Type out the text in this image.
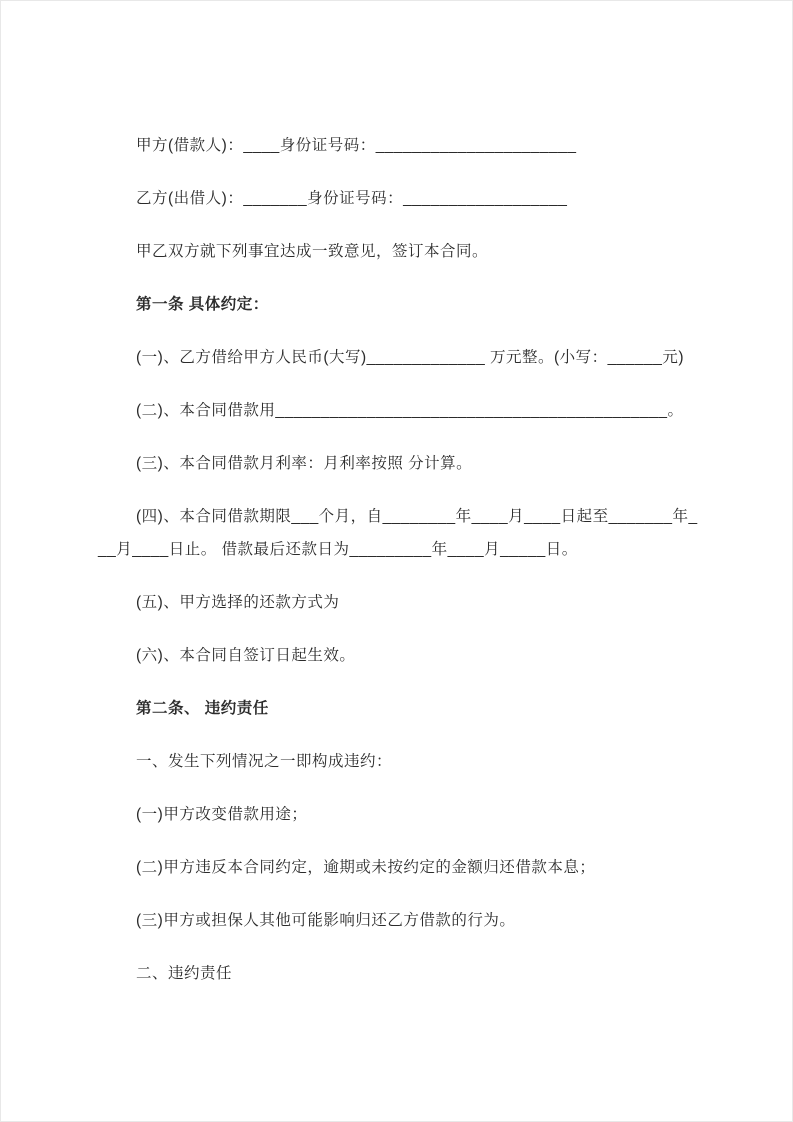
甲方(借款人)：____身份证号码：______________________

乙方(出借人)：_______身份证号码：__________________

甲乙双方就下列事宜达成一致意见，签订本合同。

第一条 具体约定：

(一)、乙方借给甲方人民币(大写)_____________ 万元整。(小写：______元)

(二)、本合同借款用___________________________________________。

(三)、本合同借款月利率：月利率按照 分计算。

(四)、本合同借款期限___个月，自________年____月____日起至_______年___月____日止。 借款最后还款日为_________年____月_____日。

(五)、甲方选择的还款方式为

(六)、本合同自签订日起生效。

第二条、 违约责任

一、发生下列情况之一即构成违约：

(一)甲方改变借款用途；

(二)甲方违反本合同约定，逾期或未按约定的金额归还借款本息；

(三)甲方或担保人其他可能影响归还乙方借款的行为。

二、违约责任
